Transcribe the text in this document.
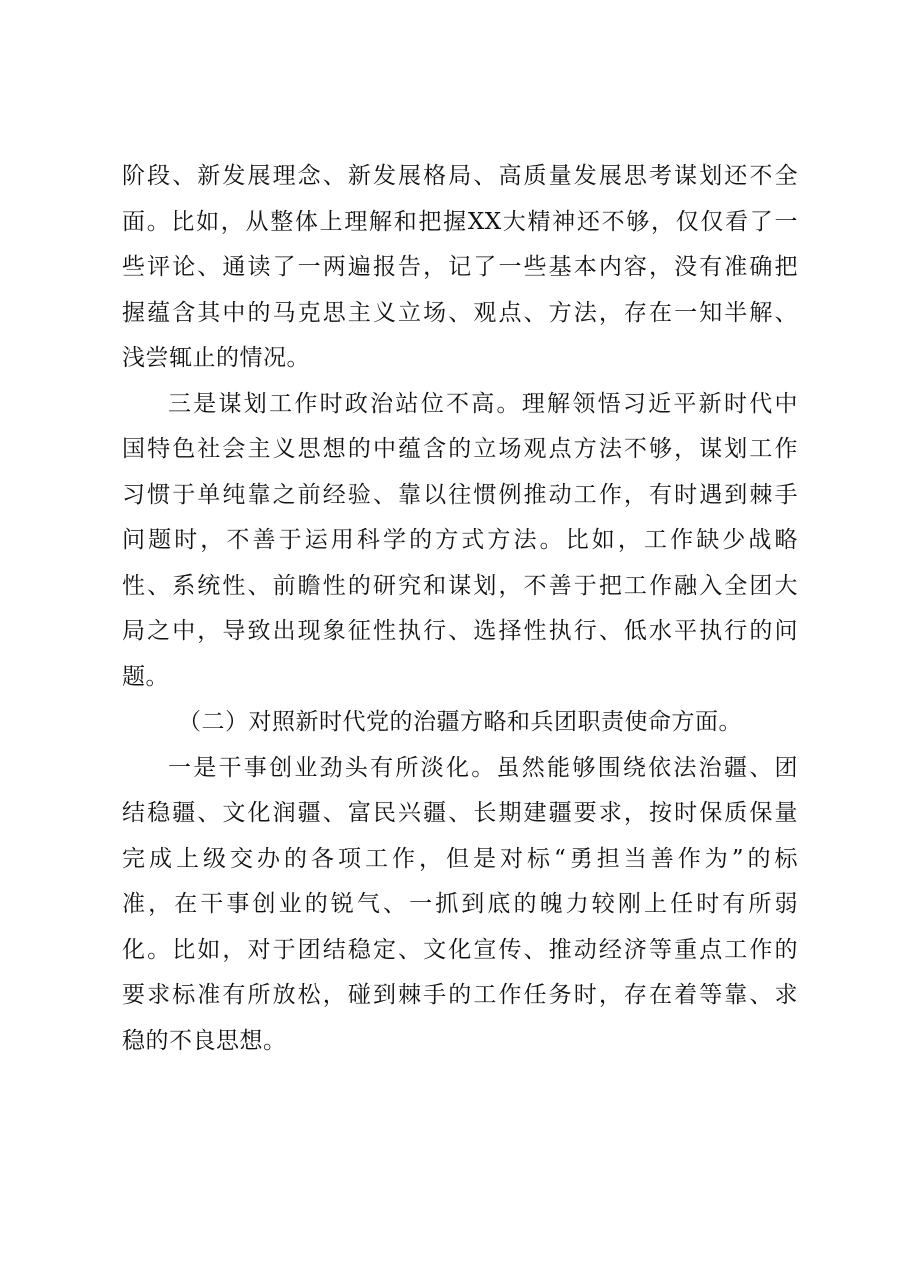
阶段、新发展理念、新发展格局、高质量发展思考谋划还不全
面。比如，从整体上理解和把握XX大精神还不够，仅仅看了一
些评论、通读了一两遍报告，记了一些基本内容，没有准确把
握蕴含其中的马克思主义立场、观点、方法，存在一知半解、
浅尝辄止的情况。
三是谋划工作时政治站位不高。理解领悟习近平新时代中
国特色社会主义思想的中蕴含的立场观点方法不够，谋划工作
习惯于单纯靠之前经验、靠以往惯例推动工作，有时遇到棘手
问题时，不善于运用科学的方式方法。比如，工作缺少战略
性、系统性、前瞻性的研究和谋划，不善于把工作融入全团大
局之中，导致出现象征性执行、选择性执行、低水平执行的问
题。
（二）对照新时代党的治疆方略和兵团职责使命方面。
一是干事创业劲头有所淡化。虽然能够围绕依法治疆、团
结稳疆、文化润疆、富民兴疆、长期建疆要求，按时保质保量
完成上级交办的各项工作，但是对标“勇担当善作为”的标
准，在干事创业的锐气、一抓到底的魄力较刚上任时有所弱
化。比如，对于团结稳定、文化宣传、推动经济等重点工作的
要求标准有所放松，碰到棘手的工作任务时，存在着等靠、求
稳的不良思想。
